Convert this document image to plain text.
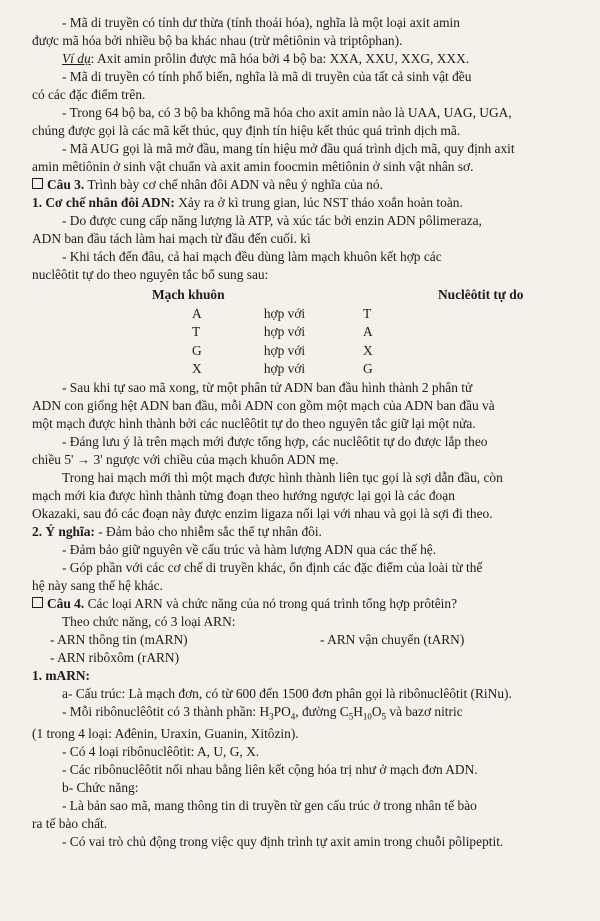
- Mã di truyền có tính dư thừa (tính thoái hóa), nghĩa là một loại axit amin

được mã hóa bởi nhiều bộ ba khác nhau (trừ mêtiônin và triptôphan).

Ví dụ: Axit amin prôlin được mã hóa bởi 4 bộ ba: XXA, XXU, XXG, XXX.

- Mã di truyền có tính phổ biến, nghĩa là mã di truyền của tất cả sinh vật đều

có các đặc điểm trên.

- Trong 64 bộ ba, có 3 bộ ba không mã hóa cho axit amin nào là UAA, UAG, UGA,

chúng được gọi là các mã kết thúc, quy định tín hiệu kết thúc quá trình dịch mã.

- Mã AUG gọi là mã mở đầu, mang tín hiệu mở đầu quá trình dịch mã, quy định axit

amin mêtiônin ở sinh vật chuẩn và axit amin foocmin mêtiônin ở sinh vật nhân sơ.

Câu 3. Trình bày cơ chế nhân đôi ADN và nêu ý nghĩa của nó.

1. Cơ chế nhân đôi ADN: Xảy ra ở kì trung gian, lúc NST tháo xoắn hoàn toàn.

- Do được cung cấp năng lượng là ATP, và xúc tác bởi enzin ADN pôlimeraza,

ADN ban đầu tách làm hai mạch từ đầu đến cuối. kì

- Khi tách đến đâu, cả hai mạch đều dùng làm mạch khuôn kết hợp các

nuclêôtit tự do theo nguyên tắc bổ sung sau:

Mạch khuôn	Nuclêôtit tự do
A	hợp với	T
T	hợp với	A
G	hợp với	X
X	hợp với	G

- Sau khi tự sao mã xong, từ một phân tử ADN ban đầu hình thành 2 phân tử

ADN con giống hệt ADN ban đầu, mỗi ADN con gồm một mạch của ADN ban đầu và

một mạch được hình thành bởi các nuclêôtit tự do theo nguyên tắc giữ lại một nửa.

- Đáng lưu ý là trên mạch mới được tổng hợp, các nuclêôtit tự do được lắp theo

chiều 5' → 3' ngược với chiều của mạch khuôn ADN mẹ.

Trong hai mạch mới thì một mạch được hình thành liên tục gọi là sợi dẫn đầu, còn

mạch mới kia được hình thành từng đoạn theo hướng ngược lại gọi là các đoạn

Okazaki, sau đó các đoạn này được enzim ligaza nối lại với nhau và gọi là sợi đi theo.

2. Ý nghĩa: - Đảm bảo cho nhiễm sắc thể tự nhân đôi.

- Đảm bảo giữ nguyên về cấu trúc và hàm lượng ADN qua các thế hệ.

- Góp phần với các cơ chế di truyền khác, ổn định các đặc điểm của loài từ thế

hệ này sang thế hệ khác.

Câu 4. Các loại ARN và chức năng của nó trong quá trình tổng hợp prôtêin?

Theo chức năng, có 3 loại ARN:

- ARN thông tin (mARN)	- ARN vận chuyển (tARN)

- ARN ribôxôm (rARN)

1. mARN:

a- Cấu trúc: Là mạch đơn, có từ 600 đến 1500 đơn phân gọi là ribônuclêôtit (RiNu).

- Mỗi ribônuclêôtit có 3 thành phần: $H_3PO_4$, đường $C_5H_{10}O_5$ và bazơ nitric

(1 trong 4 loại: Ađênin, Uraxin, Guanin, Xitôzin).

- Có 4 loại ribônuclêôtit: A, U, G, X.

- Các ribônuclêôtit nối nhau bằng liên kết cộng hóa trị như ở mạch đơn ADN.

b- Chức năng:

- Là bản sao mã, mang thông tin di truyền từ gen cấu trúc ở trong nhân tế bào

ra tế bào chất.

- Có vai trò chủ động trong việc quy định trình tự axit amin trong chuỗi pôlipeptit.
